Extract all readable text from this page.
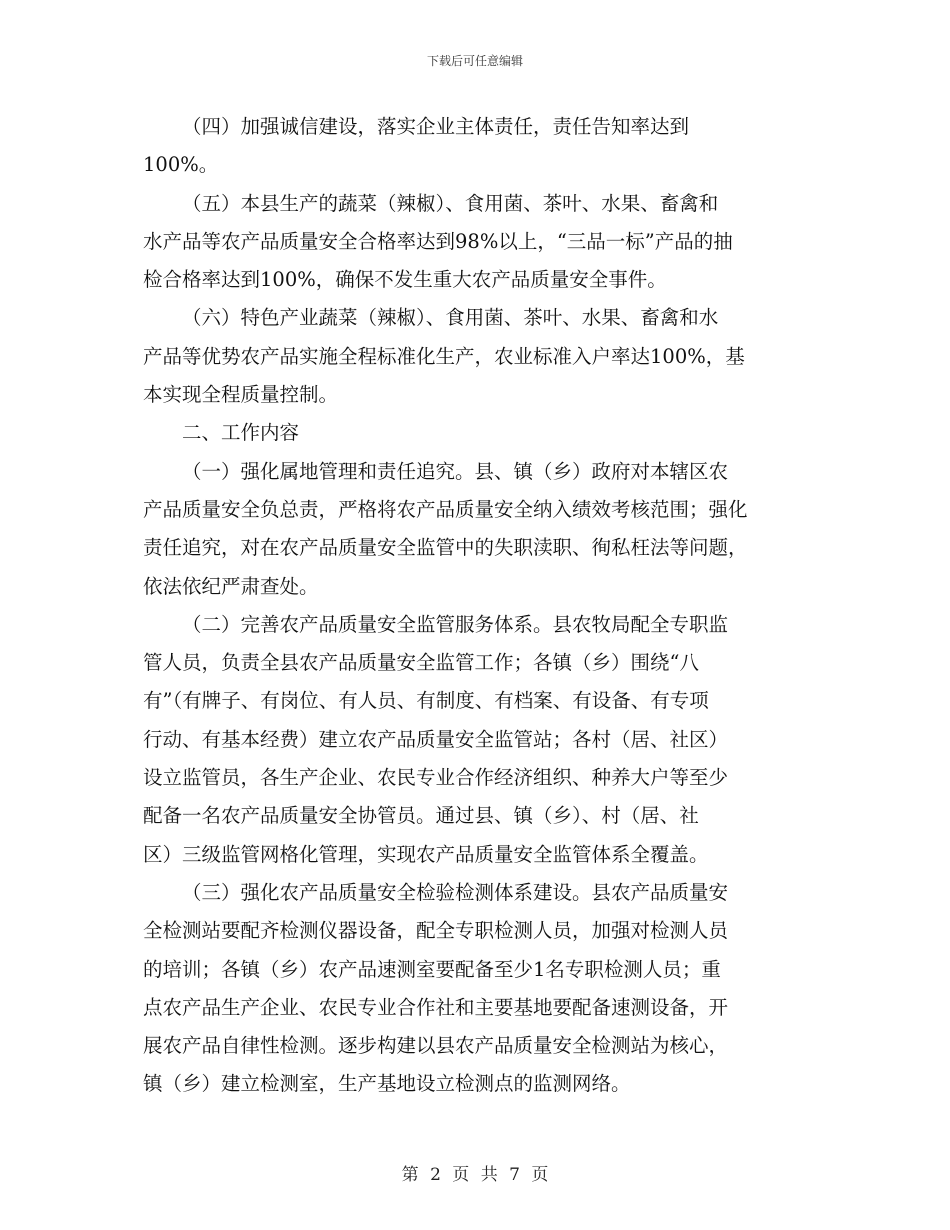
下载后可任意编辑

（四）加强诚信建设，落实企业主体责任，责任告知率达到
100%。

（五）本县生产的蔬菜（辣椒）、食用菌、茶叶、水果、畜禽和
水产品等农产品质量安全合格率达到98%以上，“三品一标”产品的抽
检合格率达到100%，确保不发生重大农产品质量安全事件。

（六）特色产业蔬菜（辣椒）、食用菌、茶叶、水果、畜禽和水
产品等优势农产品实施全程标准化生产，农业标准入户率达100%，基
本实现全程质量控制。

二、工作内容

（一）强化属地管理和责任追究。县、镇（乡）政府对本辖区农
产品质量安全负总责，严格将农产品质量安全纳入绩效考核范围；强化
责任追究，对在农产品质量安全监管中的失职渎职、徇私枉法等问题，
依法依纪严肃查处。

（二）完善农产品质量安全监管服务体系。县农牧局配全专职监
管人员，负责全县农产品质量安全监管工作；各镇（乡）围绕“八
有”（有牌子、有岗位、有人员、有制度、有档案、有设备、有专项
行动、有基本经费）建立农产品质量安全监管站；各村（居、社区）
设立监管员，各生产企业、农民专业合作经济组织、种养大户等至少
配备一名农产品质量安全协管员。通过县、镇（乡）、村（居、社
区）三级监管网格化管理，实现农产品质量安全监管体系全覆盖。

（三）强化农产品质量安全检验检测体系建设。县农产品质量安
全检测站要配齐检测仪器设备，配全专职检测人员，加强对检测人员
的培训；各镇（乡）农产品速测室要配备至少1名专职检测人员；重
点农产品生产企业、农民专业合作社和主要基地要配备速测设备，开
展农产品自律性检测。逐步构建以县农产品质量安全检测站为核心，
镇（乡）建立检测室，生产基地设立检测点的监测网络。

第 2 页 共 7 页
